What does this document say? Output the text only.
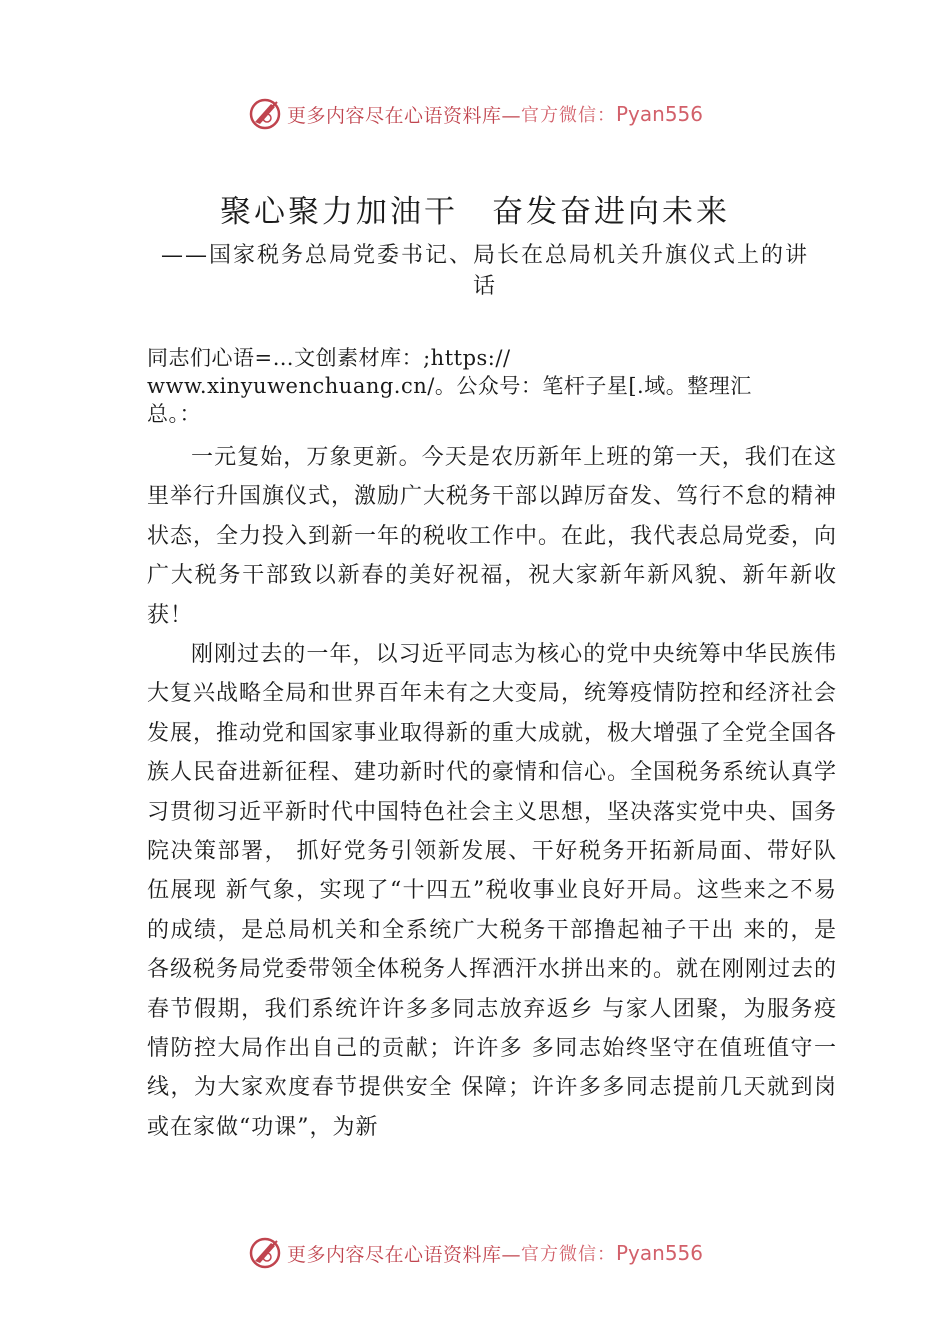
更多内容尽在心语资料库— 官方微信： Pyan556
聚心聚力加油干　奋发奋进向未来
——国家税务总局党委书记、局长在总局机关升旗仪式上的讲话

同志们心语=…文创素材库：;https://

www.xinyuwenchuang.cn/。公众号：笔杆子星[.域。整理汇

总。：

一元复始，万象更新。今天是农历新年上班的第一天，我们在这里举行升国旗仪式，激励广大税务干部以踔厉奋发、笃行不怠的精神状态，全力投入到新一年的税收工作中。在此，我代表总局党委，向广大税务干部致以新春的美好祝福，祝大家新年新风貌、新年新收获！

刚刚过去的一年，以习近平同志为核心的党中央统筹中华民族伟大复兴战略全局和世界百年未有之大变局，统筹疫情防控和经济社会发展，推动党和国家事业取得新的重大成就，极大增强了全党全国各族人民奋进新征程、建功新时代的豪情和信心。全国税务系统认真学习贯彻习近平新时代中国特色社会主义思想，坚决落实党中央、国务院决策部署， 抓好党务引领新发展、干好税务开拓新局面、带好队伍展现 新气象，实现了“十四五”税收事业良好开局。这些来之不易的成绩，是总局机关和全系统广大税务干部撸起袖子干出 来的，是各级税务局党委带领全体税务人挥洒汗水拼出来的。就在刚刚过去的春节假期，我们系统许许多多同志放弃返乡 与家人团聚，为服务疫情防控大局作出自己的贡献；许许多 多同志始终坚守在值班值守一线，为大家欢度春节提供安全 保障；许许多多同志提前几天就到岗或在家做“功课”，为新

更多内容尽在心语资料库— 官方微信： Pyan556
